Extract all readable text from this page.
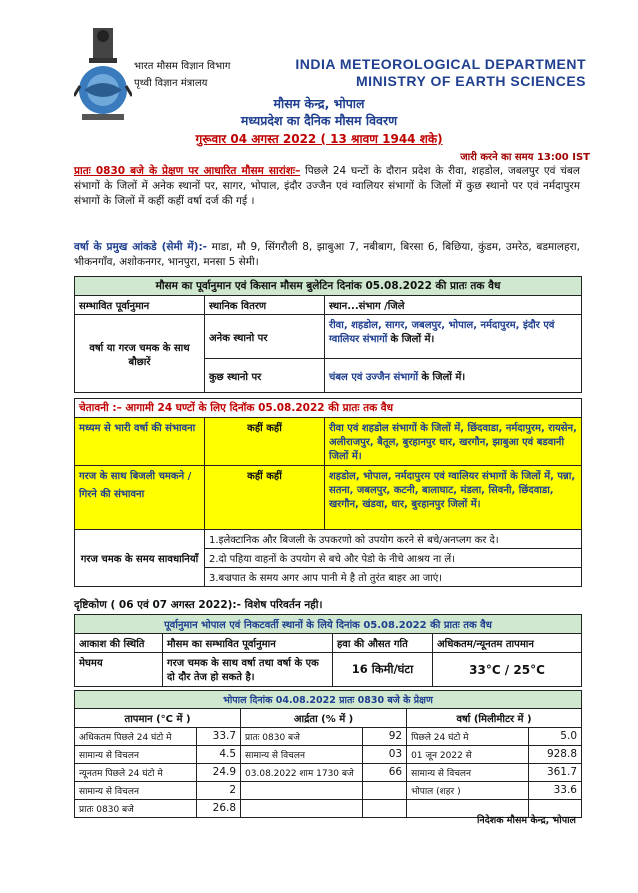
भारत मौसम विज्ञान विभाग
पृथ्वी विज्ञान मंत्रालय
INDIA METEOROLOGICAL DEPARTMENT
MINISTRY OF EARTH SCIENCES
मौसम केन्द्र, भोपाल
मध्यप्रदेश का दैनिक मौसम विवरण
गुरूवार 04 अगस्त 2022 ( 13 श्रावण 1944 शके)
जारी करने का समय 13:00 IST
प्रातः 0830 बजे के प्रेक्षण पर आधारित मौसम सारांशः– पिछले 24 घन्टों के दौरान प्रदेश के रीवा, शहडोल, जबलपुर एवं चंबल संभागों के जिलों में अनेक स्थानों पर, सागर, भोपाल, इंदौर उज्जैन एवं ग्वालियर संभागों के जिलों में कुछ स्थानो पर एवं नर्मदापुरम संभागों के जिलों में कहीं कहीं वर्षा दर्ज की गई ।
वर्षा के प्रमुख आंकडे (सेमी में):- माडा, मौ 9, सिंगरौली 8, झाबुआ 7, नबीबाग, बिरसा 6, बिछिया, कुंडम, उमरेठ, बडमालहरा, भीकनगाँव, अशोकनगर, भानपुरा, मनसा 5 सेमी।
मौसम का पूर्वानुमान एवं किसान मौसम बुलेटिन दिनांक 05.08.2022 की प्रातः तक वैध		
सम्भावित पूर्वानुमान	स्थानिक वितरण	स्थान...संभाग /जिले
वर्षा या गरज चमक के साथ बौछारें	अनेक स्थानो पर	रीवा, शहडोल, सागर, जबलपुर, भोपाल, नर्मदापुरम, इंदौर एवं ग्वालियर संभागों के जिलों में।
	कुछ स्थानो पर	चंबल एवं उज्जैन संभागों के जिलों में।
चेतावनी :– आगामी 24 घण्टों के लिए दिनॉक 05.08.2022 की प्रातः तक वैध		
मध्यम से भारी वर्षा की संभावना	कहीं कहीं	रीवा एवं शहडोल संभागों के जिलों में, छिंदवाडा, नर्मदापुरम, रायसेन, अलीराजपुर, बैतूल, बुरहानपुर धार, खरगौन, झाबुआ एवं बडवानी जिलों में।
गरज के साथ बिजली चमकने /गिरने की संभावना	कहीं कहीं	शहडोल, भोपाल, नर्मदापुरम एवं ग्वालियर संभागों के जिलों में, पन्ना, सतना, जबलपुर, कटनी, बालाघाट, मंडला, सिवनी, छिंदवाडा, खरगौन, खंडवा, धार, बुरहानपुर जिलों में।
गरज चमक के समय सावधानियाँ	1.इलेक्टानिक और बिजली के उपकरणो को उपयोग करने से बचे/अनप्लग कर दे।
2.दो पहिया वाहनों के उपयोग से बचे और पेडो के नीचे आश्रय ना लें।
3.बज्रपात के समय अगर आप पानी मे है तो तुरंत बाहर आ जाएं।	
दृष्टिकोण ( 06 एवं 07 अगस्त 2022):- विशेष परिवर्तन नही।
पूर्वानुमान भोपाल एवं निकटवर्ती स्थानों के लिये दिनांक 05.08.2022 की प्रातः तक वैध			
आकाश की स्थिति	मौसम का सम्भावित पूर्वानुमान	हवा की औसत गति	अधिकतम/न्यूनतम तापमान
मेघमय	गरज चमक के साथ वर्षा तथा वर्षा के एक दो दौर तेज हो सकते है।	16 किमी/घंटा	33°C / 25°C
भोपाल दिनांक 04.08.2022 प्रातः 0830 बजे के प्रेक्षण					
तापमान (°C में )		आर्द्रता (% में )		वर्षा (मिलीमीटर में )	
अधिकतम पिछले 24 घंटो मे	33.7	प्रातः 0830 बजे	92	पिछले 24 घंटो मे	5.0
सामान्य से विचलन	4.5	सामान्य से विचलन	03	01 जून 2022 से	928.8
न्यूनतम पिछले 24 घंटो मे	24.9	03.08.2022 शाम 1730 बजे	66	सामान्य से विचलन	361.7
सामान्य से विचलन	2			भोपाल (शहर )	33.6
प्रातः 0830 बजे	26.8				
निदेशक मौसम केन्द्र, भोपाल
